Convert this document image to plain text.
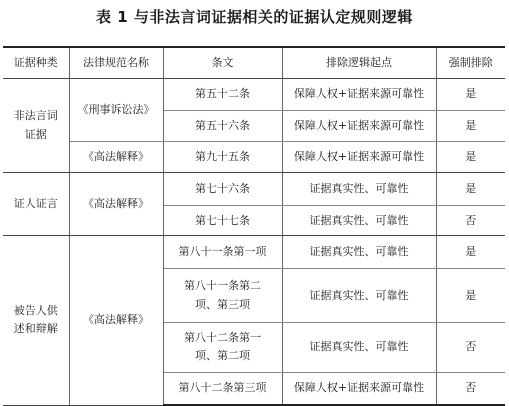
表 1 与非法言词证据相关的证据认定规则逻辑
证据种类	法律规范名称	条文	排除逻辑起点	强制排除
非法言词证据	《刑事诉讼法》	第五十二条	保障人权+证据来源可靠性	是
		第五十六条	保障人权+证据来源可靠性	是
	《高法解释》	第九十五条	保障人权+证据来源可靠性	是
证人证言	《高法解释》	第七十六条	证据真实性、可靠性	是
		第七十七条	证据真实性、可靠性	否
被告人供述和辩解	《高法解释》	第八十一条第一项	证据真实性、可靠性	是
		第八十一条第二项、第三项	证据真实性、可靠性	是
		第八十二条第一项、第二项	证据真实性、可靠性	否
		第八十二条第三项	保障人权+证据来源可靠性	否
